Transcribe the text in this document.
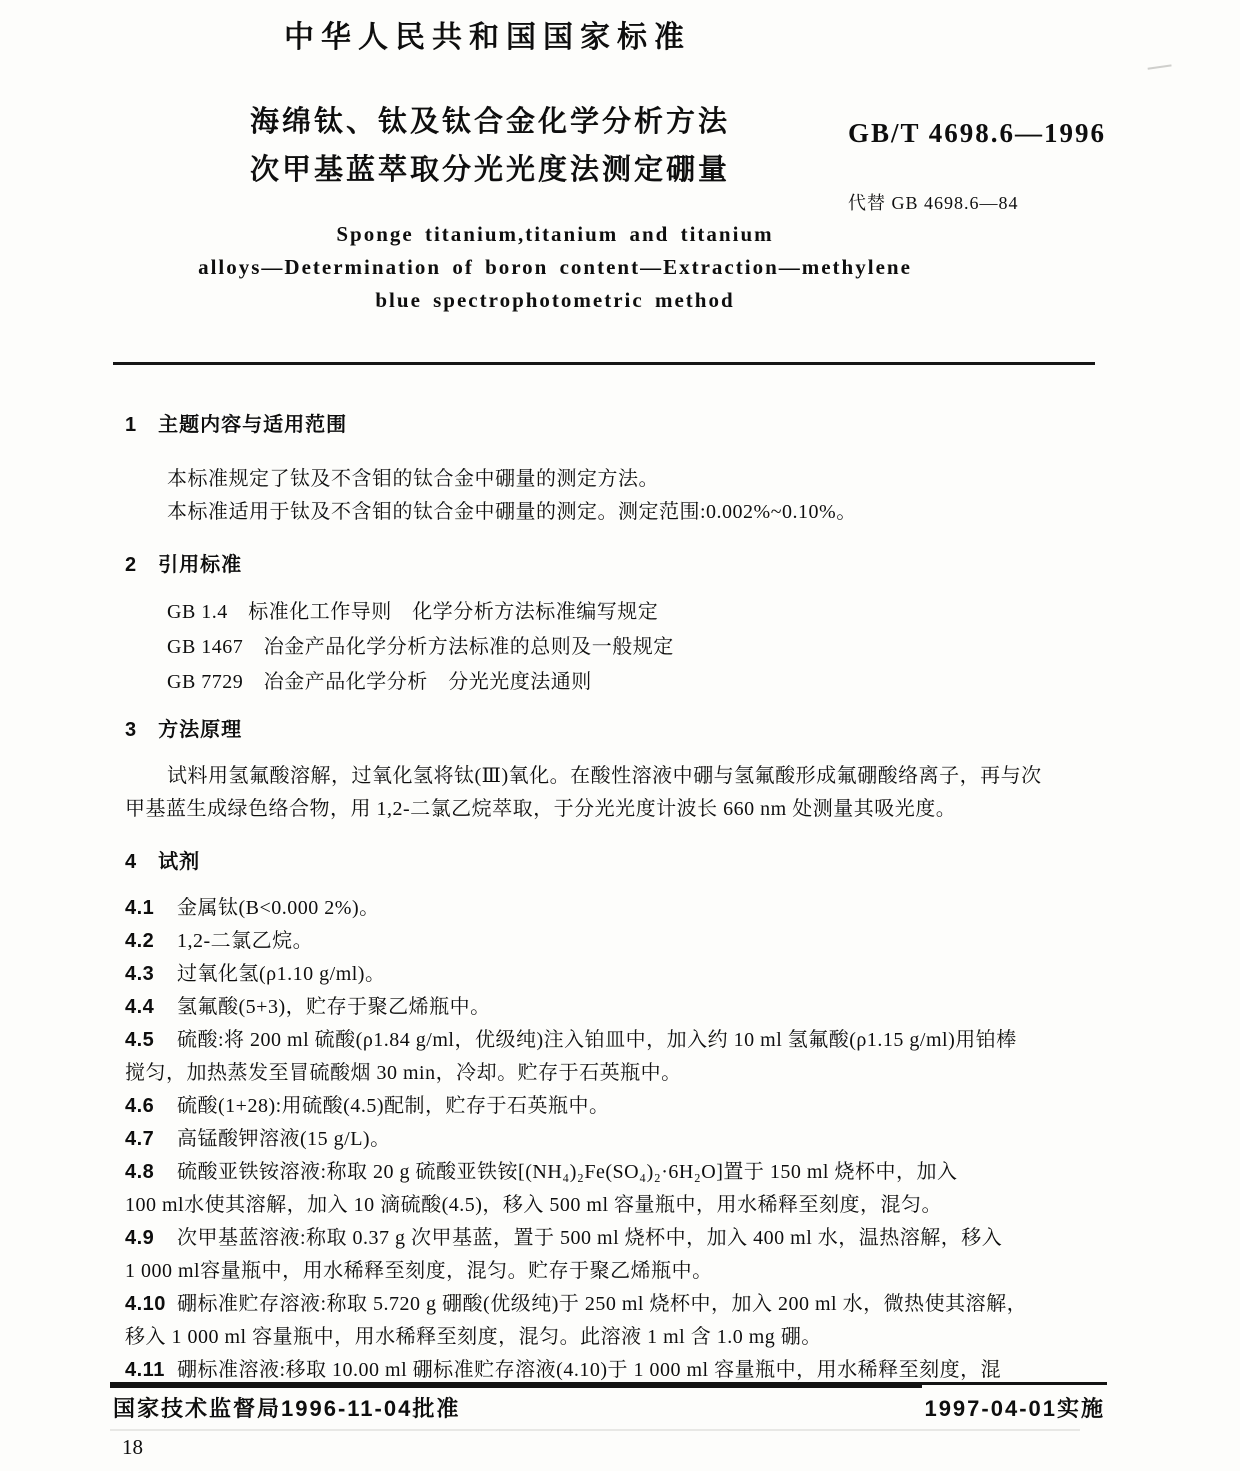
中华人民共和国国家标准
海绵钛、钛及钛合金化学分析方法
次甲基蓝萃取分光光度法测定硼量
GB/T 4698.6—1996
代替 GB 4698.6—84
Sponge titanium,titanium and titanium
alloys—Determination of boron content—Extraction—methylene
blue spectrophotometric method
1　主题内容与适用范围
本标准规定了钛及不含钼的钛合金中硼量的测定方法。
本标准适用于钛及不含钼的钛合金中硼量的测定。测定范围:0.002%~0.10%。
2　引用标准
GB 1.4　标准化工作导则　化学分析方法标准编写规定
GB 1467　冶金产品化学分析方法标准的总则及一般规定
GB 7729　冶金产品化学分析　分光光度法通则
3　方法原理
试料用氢氟酸溶解，过氧化氢将钛(Ⅲ)氧化。在酸性溶液中硼与氢氟酸形成氟硼酸络离子，再与次
甲基蓝生成绿色络合物，用 1,2-二氯乙烷萃取，于分光光度计波长 660 nm 处测量其吸光度。
4　试剂
4.1 金属钛(B<0.000 2%)。
4.2 1,2-二氯乙烷。
4.3 过氧化氢(ρ1.10 g/ml)。
4.4 氢氟酸(5+3)，贮存于聚乙烯瓶中。
4.5 硫酸:将 200 ml 硫酸(ρ1.84 g/ml，优级纯)注入铂皿中，加入约 10 ml 氢氟酸(ρ1.15 g/ml)用铂棒
搅匀，加热蒸发至冒硫酸烟 30 min，冷却。贮存于石英瓶中。
4.6 硫酸(1+28):用硫酸(4.5)配制，贮存于石英瓶中。
4.7 高锰酸钾溶液(15 g/L)。
4.8 硫酸亚铁铵溶液:称取 20 g 硫酸亚铁铵[(NH₄)₂Fe(SO₄)₂·6H₂O]置于 150 ml 烧杯中，加入
100 ml水使其溶解，加入 10 滴硫酸(4.5)，移入 500 ml 容量瓶中，用水稀释至刻度，混匀。
4.9 次甲基蓝溶液:称取 0.37 g 次甲基蓝，置于 500 ml 烧杯中，加入 400 ml 水，温热溶解，移入
1 000 ml容量瓶中，用水稀释至刻度，混匀。贮存于聚乙烯瓶中。
4.10 硼标准贮存溶液:称取 5.720 g 硼酸(优级纯)于 250 ml 烧杯中，加入 200 ml 水，微热使其溶解，
移入 1 000 ml 容量瓶中，用水稀释至刻度，混匀。此溶液 1 ml 含 1.0 mg 硼。
4.11 硼标准溶液:移取 10.00 ml 硼标准贮存溶液(4.10)于 1 000 ml 容量瓶中，用水稀释至刻度，混
国家技术监督局1996-11-04批准	1997-04-01实施
18
